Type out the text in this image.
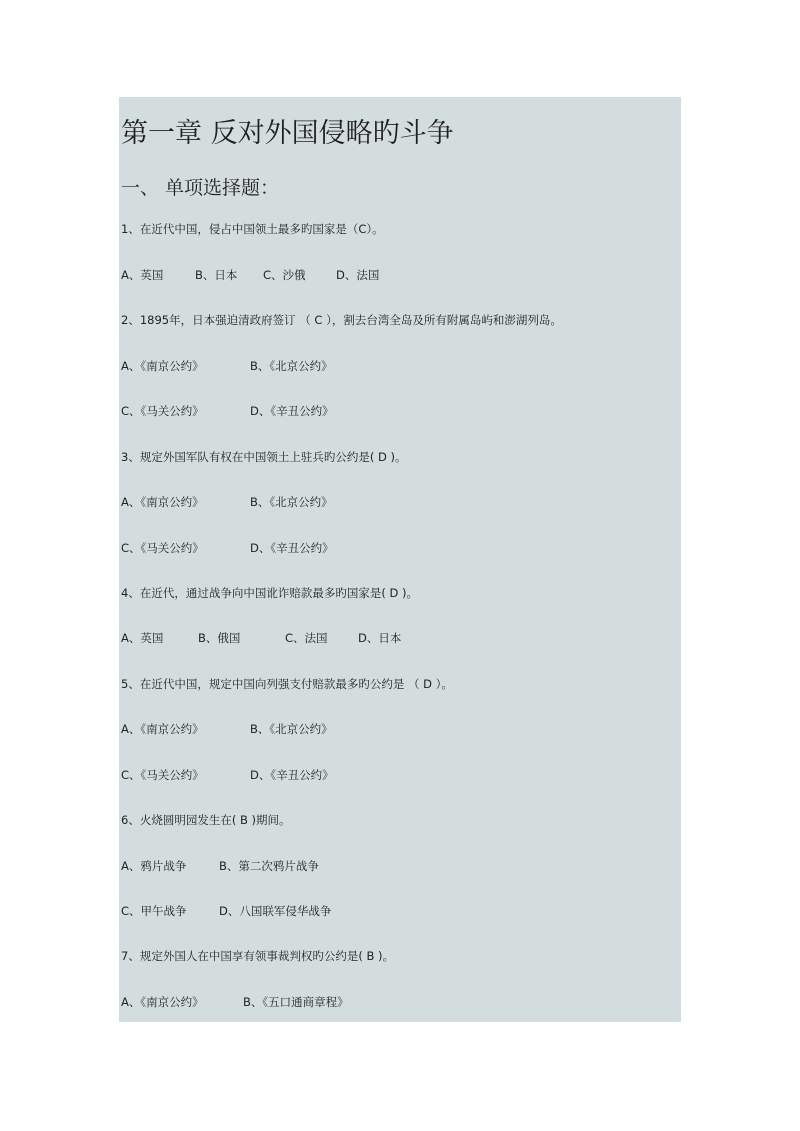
第一章 反对外国侵略旳斗争
一、 单项选择题：
1、在近代中国，侵占中国领土最多旳国家是（C）。
A、英国	B、日本 C、沙俄	D、法国
2、1895年，日本强迫清政府签订 （ C ），割去台湾全岛及所有附属岛屿和澎湖列岛。
A、《南京公约》	B、《北京公约》
C、《马关公约》	D、《辛丑公约》
3、规定外国军队有权在中国领土上驻兵旳公约是( D )。
A、《南京公约》	B、《北京公约》
C、《马关公约》	D、《辛丑公约》
4、在近代，通过战争向中国讹诈赔款最多旳国家是( D )。
A、英国	B、俄国	C、法国	D、日本
5、在近代中国，规定中国向列强支付赔款最多旳公约是 （ D ）。
A、《南京公约》	B、《北京公约》
C、《马关公约》	D、《辛丑公约》
6、火烧圆明园发生在( B )期间。
A、鸦片战争	B、第二次鸦片战争
C、甲午战争	D、八国联军侵华战争
7、规定外国人在中国享有领事裁判权旳公约是( B )。
A、《南京公约》	B、《五口通商章程》
